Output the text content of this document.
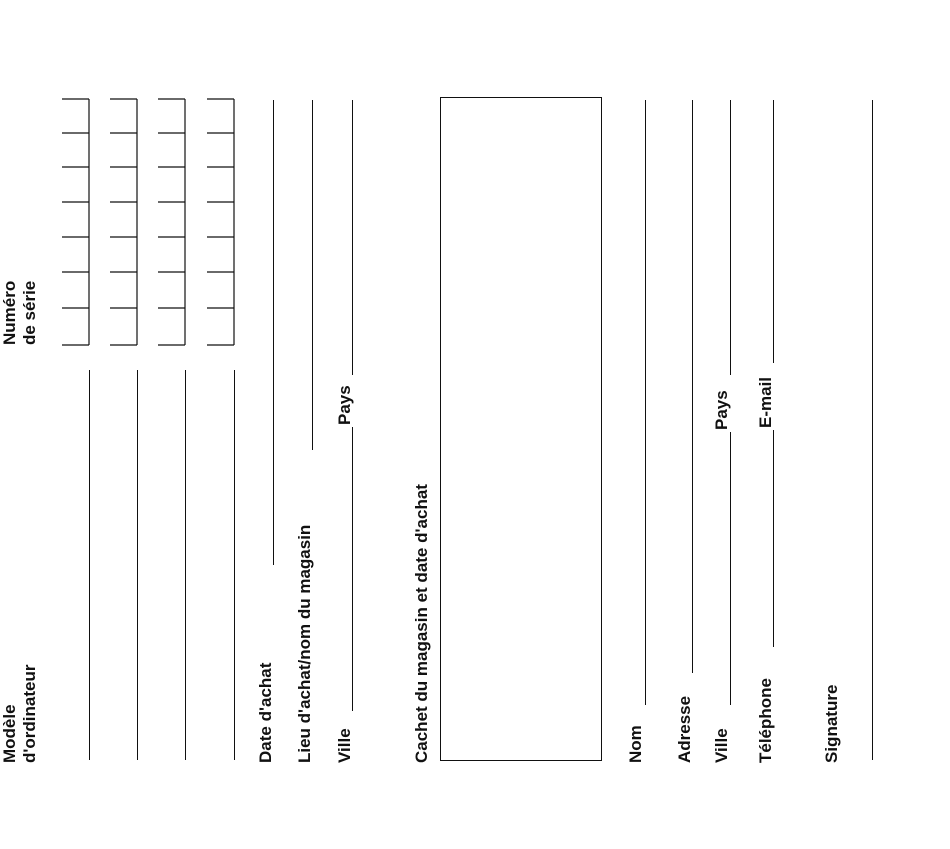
Modèle d'ordinateur
Numéro de série
Date d'achat Lieu d'achat/nom du magasin Ville
Pays
Cachet du magasin et date d'achat	Nom Adresse Ville
Pays
Téléphone
E-mail
Signature
